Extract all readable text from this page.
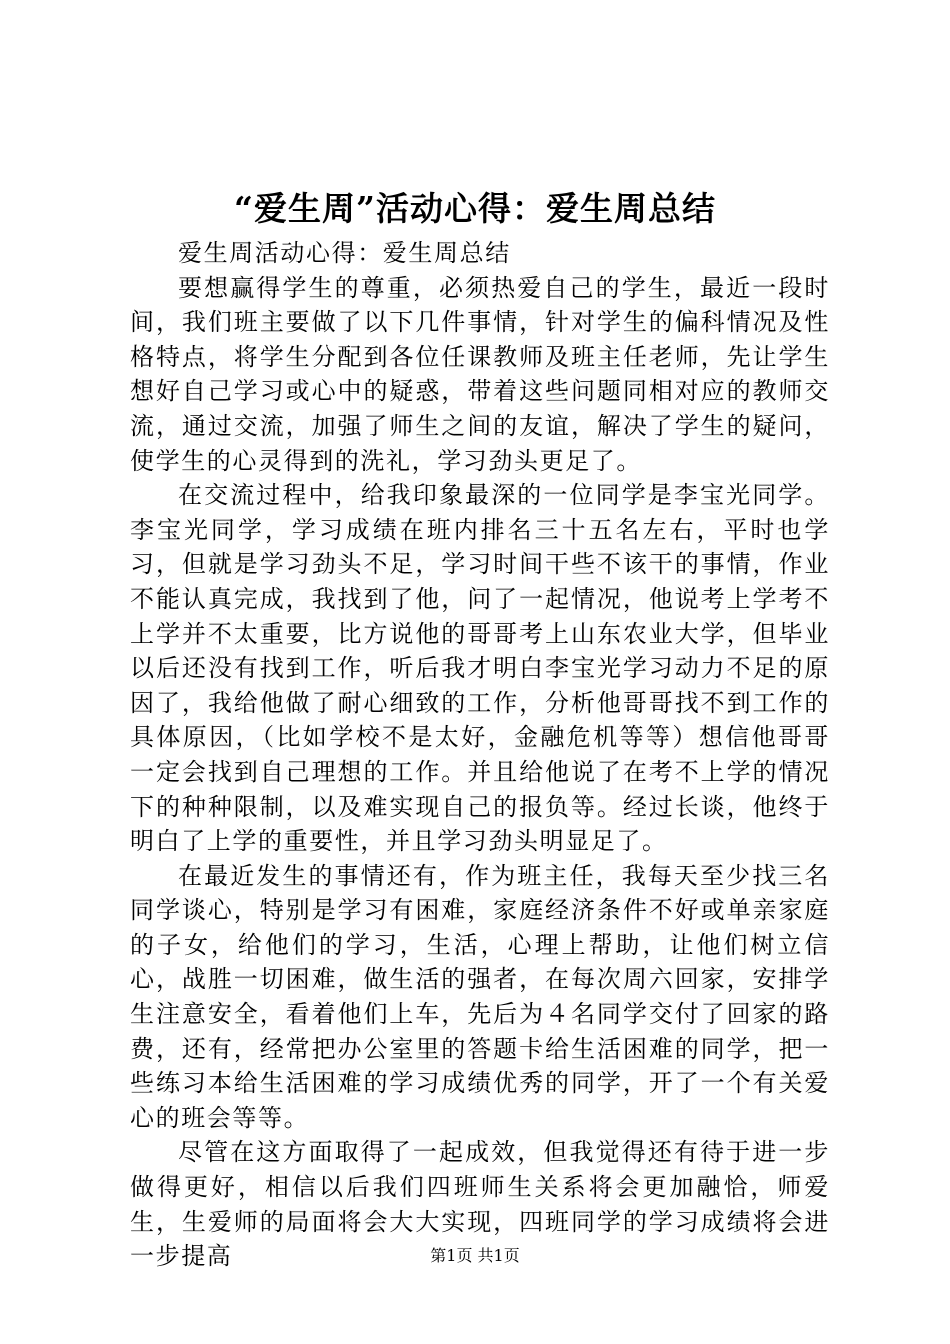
“爱生周”活动心得：爱生周总结

爱生周活动心得：爱生周总结

要想赢得学生的尊重，必须热爱自己的学生，最近一段时间，我们班主要做了以下几件事情，针对学生的偏科情况及性格特点，将学生分配到各位任课教师及班主任老师，先让学生想好自己学习或心中的疑惑，带着这些问题同相对应的教师交流，通过交流，加强了师生之间的友谊，解决了学生的疑问，使学生的心灵得到的洗礼，学习劲头更足了。

在交流过程中，给我印象最深的一位同学是李宝光同学。李宝光同学，学习成绩在班内排名三十五名左右，平时也学习，但就是学习劲头不足，学习时间干些不该干的事情，作业不能认真完成，我找到了他，问了一起情况，他说考上学考不上学并不太重要，比方说他的哥哥考上山东农业大学，但毕业以后还没有找到工作，听后我才明白李宝光学习动力不足的原因了，我给他做了耐心细致的工作，分析他哥哥找不到工作的具体原因，（比如学校不是太好，金融危机等等）想信他哥哥一定会找到自己理想的工作。并且给他说了在考不上学的情况下的种种限制，以及难实现自己的报负等。经过长谈，他终于明白了上学的重要性，并且学习劲头明显足了。

在最近发生的事情还有，作为班主任，我每天至少找三名同学谈心，特别是学习有困难，家庭经济条件不好或单亲家庭的子女，给他们的学习，生活，心理上帮助，让他们树立信心，战胜一切困难，做生活的强者，在每次周六回家，安排学生注意安全，看着他们上车，先后为４名同学交付了回家的路费，还有，经常把办公室里的答题卡给生活困难的同学，把一些练习本给生活困难的学习成绩优秀的同学，开了一个有关爱心的班会等等。

尽管在这方面取得了一起成效，但我觉得还有待于进一步做得更好，相信以后我们四班师生关系将会更加融恰，师爱生，生爱师的局面将会大大实现，四班同学的学习成绩将会进一步提高	第1页 共1页
